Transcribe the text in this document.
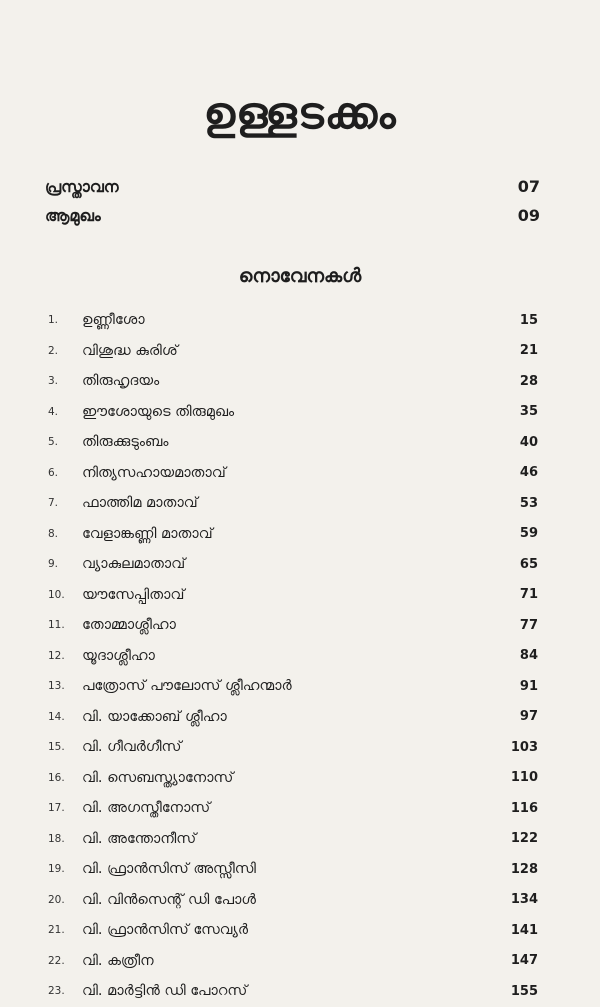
ഉള്ളടക്കം
പ്രസ്താവന	07
ആമുഖം	09
നൊവേനകൾ
1.	ഉണ്ണീശോ	15
2.	വിശുദ്ധ കുരിശ്	21
3.	തിരുഹൃദയം	28
4.	ഈശോയുടെ തിരുമുഖം	35
5.	തിരുക്കുടുംബം	40
6.	നിത്യസഹായമാതാവ്	46
7.	ഫാത്തിമ മാതാവ്	53
8.	വേളാങ്കണ്ണി മാതാവ്	59
9.	വ്യാകുലമാതാവ്	65
10.	യൗസേപ്പിതാവ്	71
11.	തോമ്മാശ്ലീഹാ	77
12.	യൂദാശ്ലീഹാ	84
13.	പത്രോസ് പൗലോസ് ശ്ലീഹന്മാർ	91
14.	വി. യാക്കോബ് ശ്ലീഹാ	97
15.	വി. ഗീവർഗീസ്	103
16.	വി. സെബസ്ത്യാനോസ്	110
17.	വി. അഗസ്തീനോസ്	116
18.	വി. അന്തോനീസ്	122
19.	വി. ഫ്രാൻസിസ് അസ്സീസി	128
20.	വി. വിൻസെന്റ് ഡി പോൾ	134
21.	വി. ഫ്രാൻസിസ് സേവ്യർ	141
22.	വി. കത്രീന	147
23.	വി. മാർട്ടിൻ ഡി പോറസ്	155
